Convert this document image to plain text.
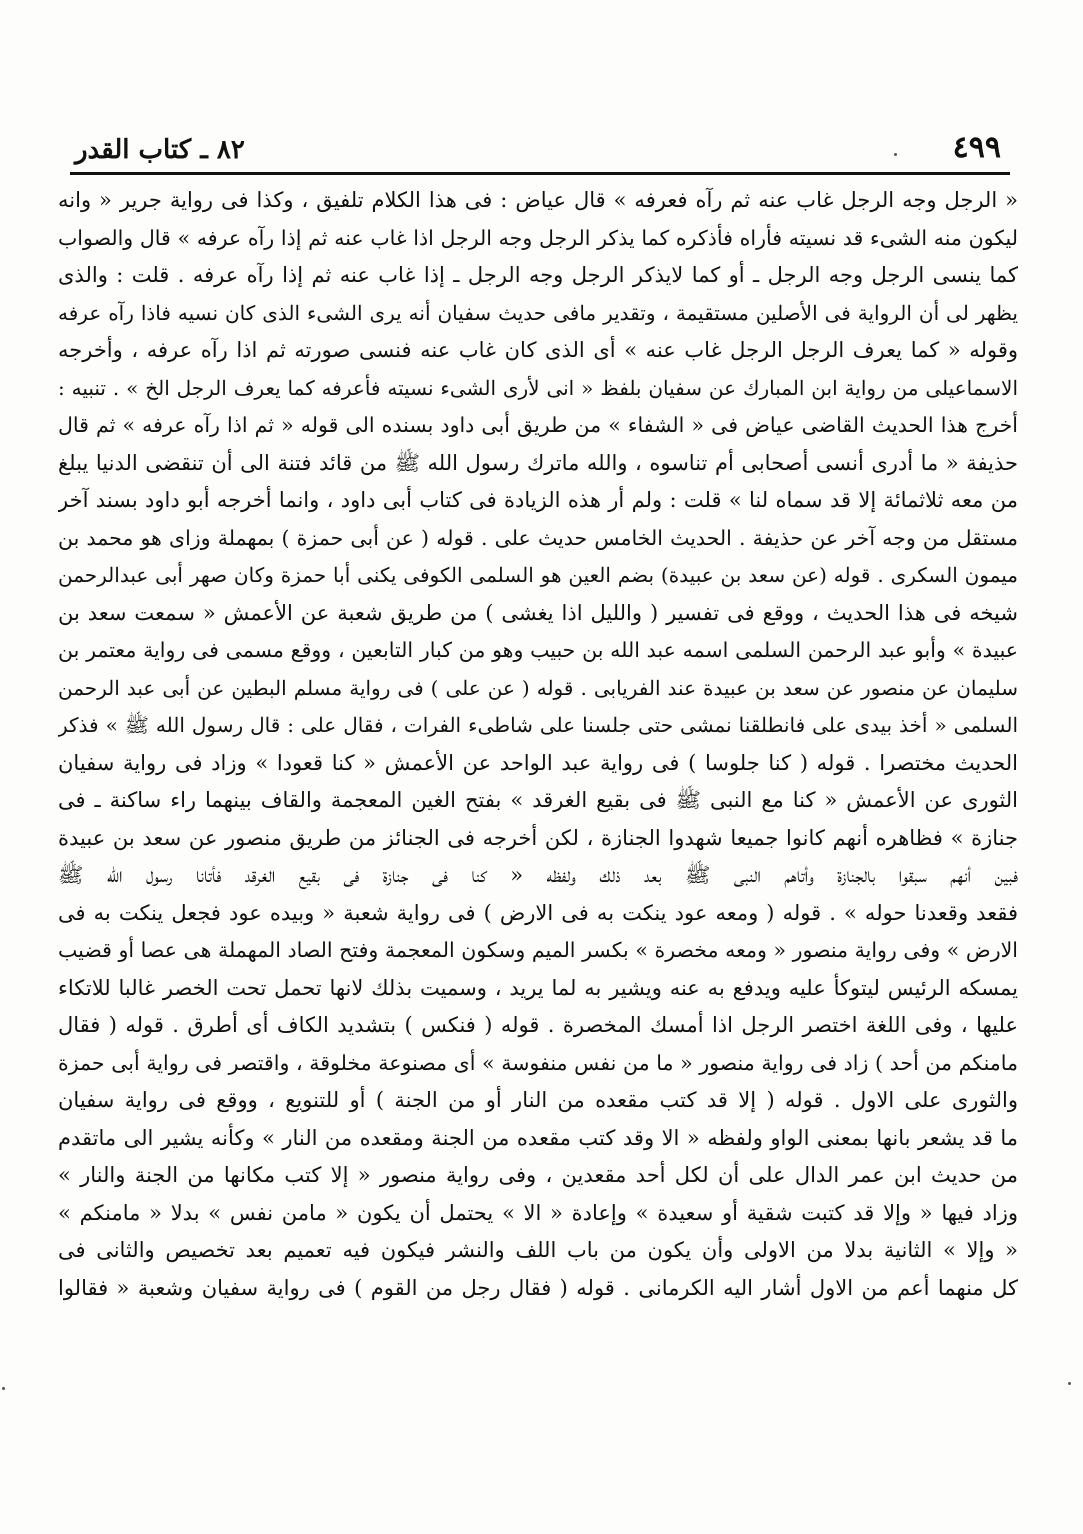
٤٩٩
٨٢ ـ كتاب القدر
« الرجل وجه الرجل غاب عنه ثم رآه فعرفه » قال عياض : فى هذا الكلام تلفيق ، وكذا فى رواية جرير « وانه
ليكون منه الشىء قد نسيته فأراه فأذكره كما يذكر الرجل وجه الرجل اذا غاب عنه ثم إذا رآه عرفه » قال والصواب
كما ينسى الرجل وجه الرجل ـ أو كما لايذكر الرجل وجه الرجل ـ إذا غاب عنه ثم إذا رآه عرفه . قلت : والذى
يظهر لى أن الرواية فى الأصلين مستقيمة ، وتقدير مافى حديث سفيان أنه يرى الشىء الذى كان نسيه فاذا رآه عرفه
وقوله « كما يعرف الرجل الرجل غاب عنه » أى الذى كان غاب عنه فنسى صورته ثم اذا رآه عرفه ، وأخرجه
الاسماعيلى من رواية ابن المبارك عن سفيان بلفظ « انى لأرى الشىء نسيته فأعرفه كما يعرف الرجل الخ » . تنبيه :
أخرج هذا الحديث القاضى عياض فى « الشفاء » من طريق أبى داود بسنده الى قوله « ثم اذا رآه عرفه » ثم قال
حذيفة « ما أدرى أنسى أصحابى أم تناسوه ، والله ماترك رسول الله ﷺ من قائد فتنة الى أن تنقضى الدنيا يبلغ
من معه ثلاثمائة إلا قد سماه لنا » قلت : ولم أر هذه الزيادة فى كتاب أبى داود ، وانما أخرجه أبو داود بسند آخر
مستقل من وجه آخر عن حذيفة . الحديث الخامس حديث على . قوله ( عن أبى حمزة ) بمهملة وزاى هو محمد بن
ميمون السكرى . قوله (عن سعد بن عبيدة) بضم العين هو السلمى الكوفى يكنى أبا حمزة وكان صهر أبى عبدالرحمن
شيخه فى هذا الحديث ، ووقع فى تفسير ( والليل اذا يغشى ) من طريق شعبة عن الأعمش « سمعت سعد بن
عبيدة » وأبو عبد الرحمن السلمى اسمه عبد الله بن حبيب وهو من كبار التابعين ، ووقع مسمى فى رواية معتمر بن
سليمان عن منصور عن سعد بن عبيدة عند الفريابى . قوله ( عن على ) فى رواية مسلم البطين عن أبى عبد الرحمن
السلمى « أخذ بيدى على فانطلقنا نمشى حتى جلسنا على شاطىء الفرات ، فقال على : قال رسول الله ﷺ » فذكر
الحديث مختصرا . قوله ( كنا جلوسا ) فى رواية عبد الواحد عن الأعمش « كنا قعودا » وزاد فى رواية سفيان
الثورى عن الأعمش « كنا مع النبى ﷺ فى بقيع الغرقد » بفتح الغين المعجمة والقاف بينهما راء ساكنة ـ فى
جنازة » فظاهره أنهم كانوا جميعا شهدوا الجنازة ، لكن أخرجه فى الجنائز من طريق منصور عن سعد بن عبيدة
فبين أنهم سبقوا بالجنازة وأتاهم النبى ﷺ بعد ذلك ولفظه « كنا فى جنازة فى بقيع الغرقد فأتانا رسول الله ﷺ
فقعد وقعدنا حوله » . قوله ( ومعه عود ينكت به فى الارض ) فى رواية شعبة « وبيده عود فجعل ينكت به فى
الارض » وفى رواية منصور « ومعه مخصرة » بكسر الميم وسكون المعجمة وفتح الصاد المهملة هى عصا أو قضيب
يمسكه الرئيس ليتوكأ عليه ويدفع به عنه ويشير به لما يريد ، وسميت بذلك لانها تحمل تحت الخصر غالبا للاتكاء
عليها ، وفى اللغة اختصر الرجل اذا أمسك المخصرة . قوله ( فنكس ) بتشديد الكاف أى أطرق . قوله ( فقال
مامنكم من أحد ) زاد فى رواية منصور « ما من نفس منفوسة » أى مصنوعة مخلوقة ، واقتصر فى رواية أبى حمزة
والثورى على الاول . قوله ( إلا قد كتب مقعده من النار أو من الجنة ) أو للتنويع ، ووقع فى رواية سفيان
ما قد يشعر بانها بمعنى الواو ولفظه « الا وقد كتب مقعده من الجنة ومقعده من النار » وكأنه يشير الى ماتقدم
من حديث ابن عمر الدال على أن لكل أحد مقعدين ، وفى رواية منصور « إلا كتب مكانها من الجنة والنار »
وزاد فيها « وإلا قد كتبت شقية أو سعيدة » وإعادة « الا » يحتمل أن يكون « مامن نفس » بدلا « مامنكم »
« وإلا » الثانية بدلا من الاولى وأن يكون من باب اللف والنشر فيكون فيه تعميم بعد تخصيص والثانى فى
كل منهما أعم من الاول أشار اليه الكرمانى . قوله ( فقال رجل من القوم ) فى رواية سفيان وشعبة « فقالوا
